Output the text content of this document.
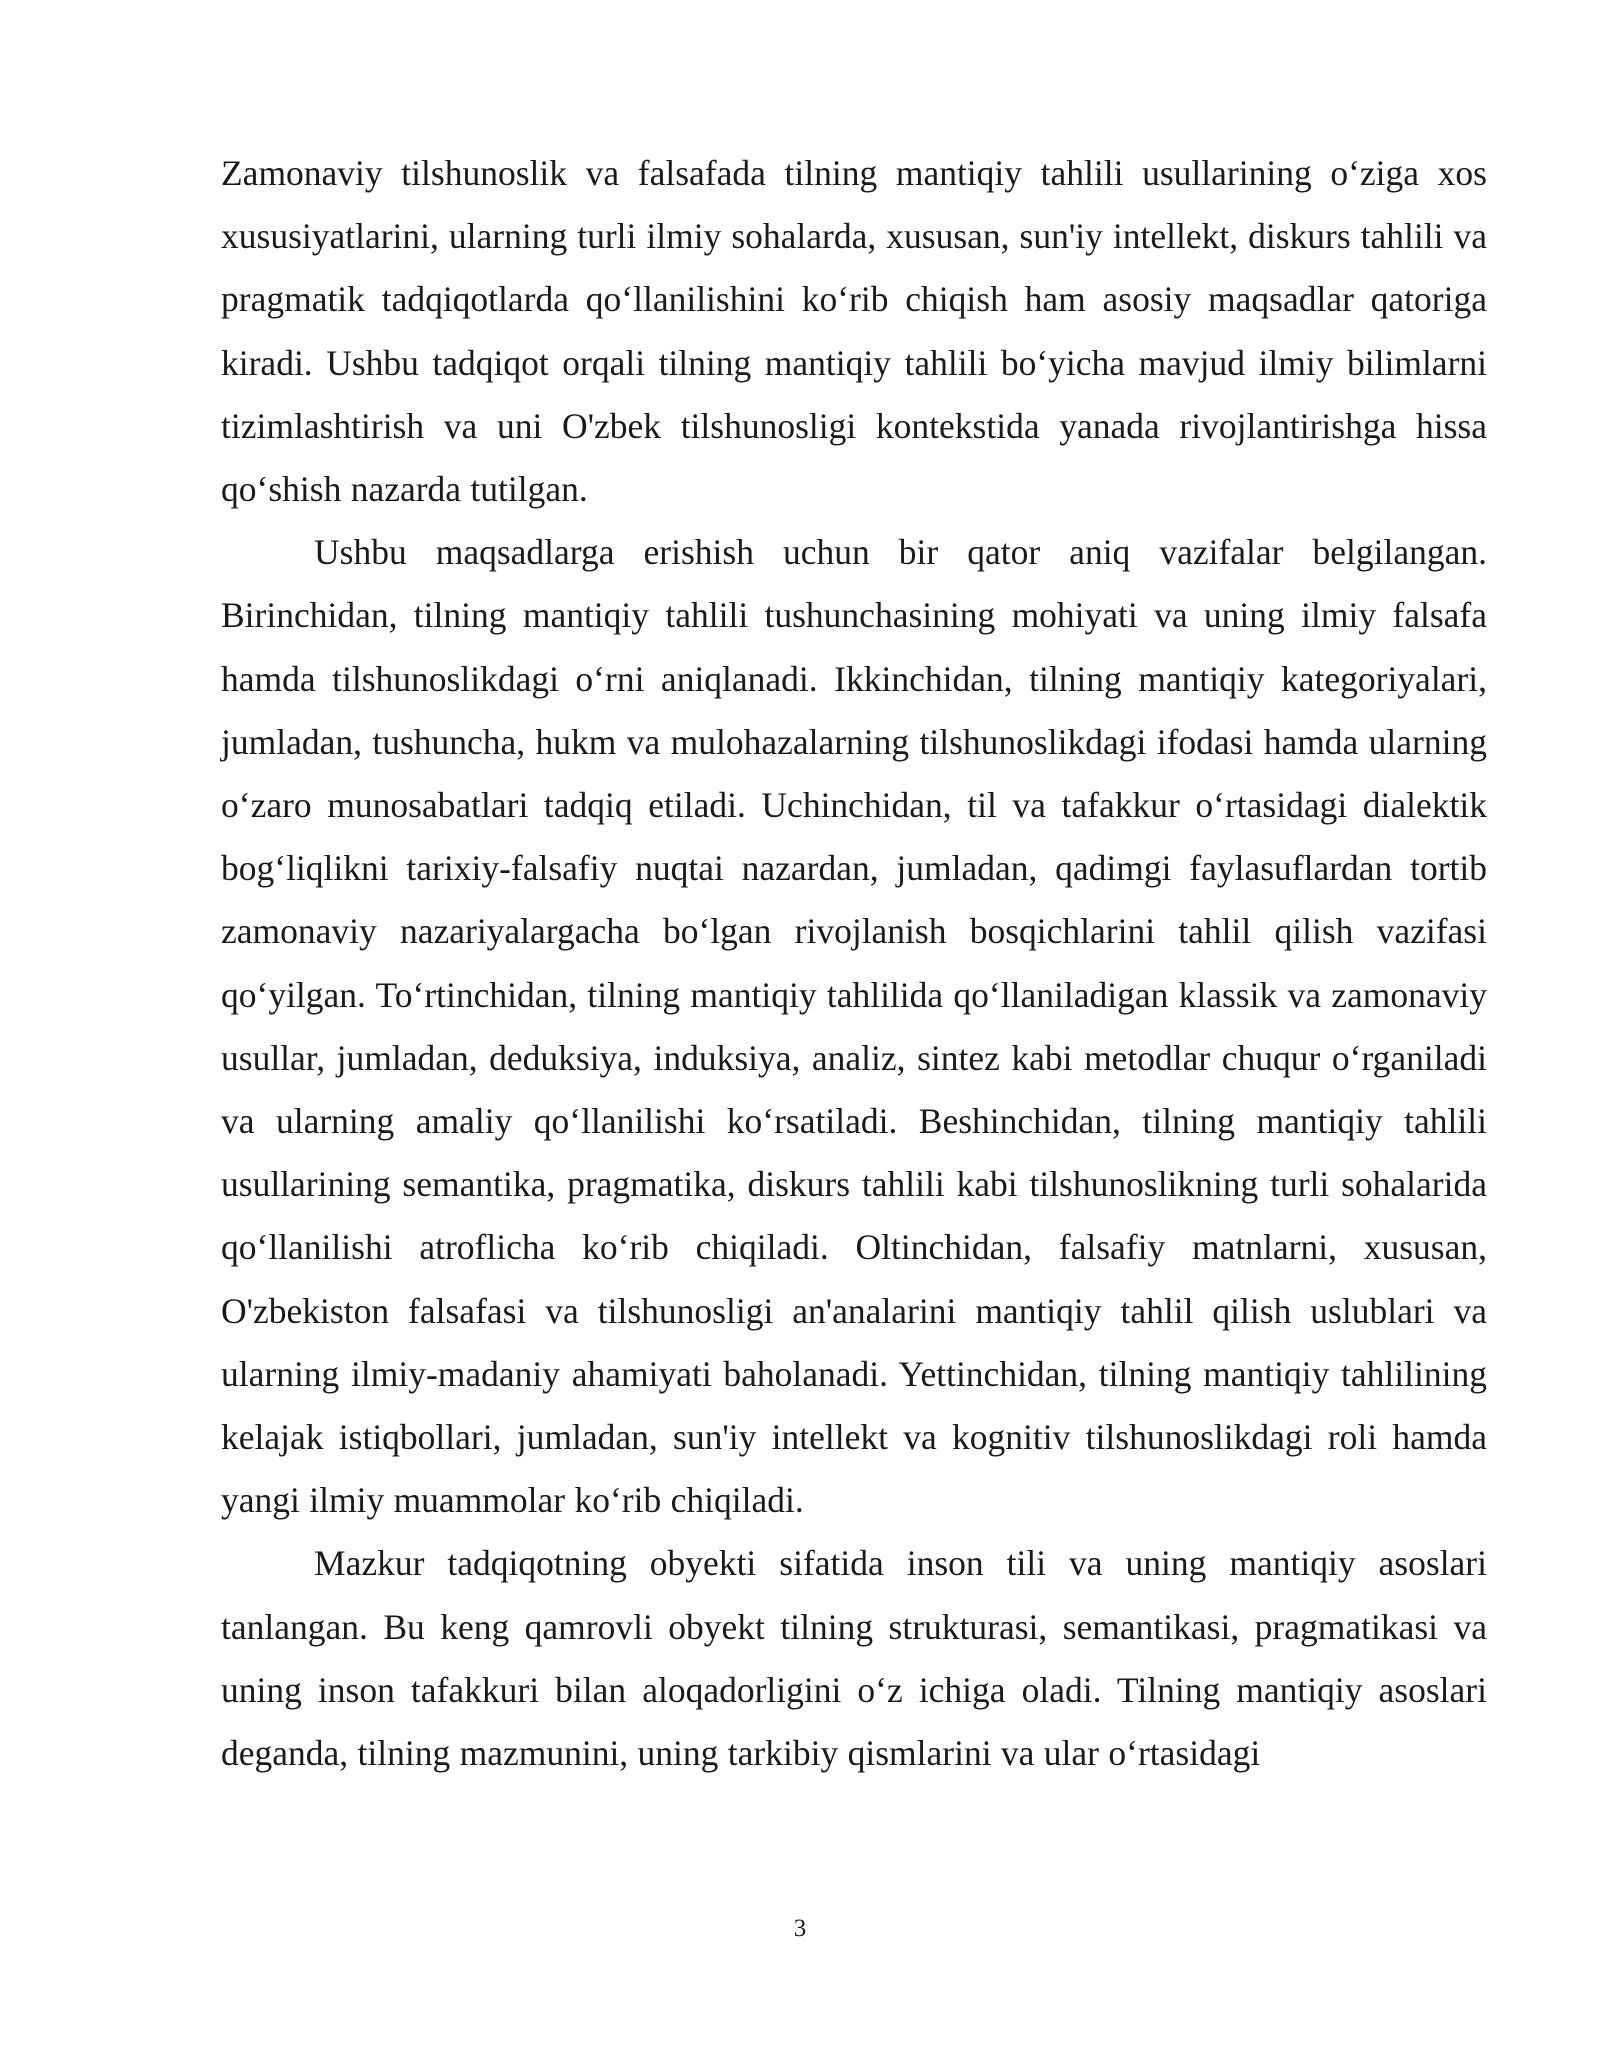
Zamonaviy tilshunoslik va falsafada tilning mantiqiy tahlili usullarining o‘ziga xos xususiyatlarini, ularning turli ilmiy sohalarda, xususan, sun'iy intellekt, diskurs tahlili va pragmatik tadqiqotlarda qo‘llanilishini ko‘rib chiqish ham asosiy maqsadlar qatoriga kiradi. Ushbu tadqiqot orqali tilning mantiqiy tahlili bo‘yicha mavjud ilmiy bilimlarni tizimlashtirish va uni O'zbek tilshunosligi kontekstida yanada rivojlantirishga hissa qo‘shish nazarda tutilgan.

Ushbu maqsadlarga erishish uchun bir qator aniq vazifalar belgilangan. Birinchidan, tilning mantiqiy tahlili tushunchasining mohiyati va uning ilmiy falsafa hamda tilshunoslikdagi o‘rni aniqlanadi. Ikkinchidan, tilning mantiqiy kategoriyalari, jumladan, tushuncha, hukm va mulohazalarning tilshunoslikdagi ifodasi hamda ularning o‘zaro munosabatlari tadqiq etiladi. Uchinchidan, til va tafakkur o‘rtasidagi dialektik bog‘liqlikni tarixiy-falsafiy nuqtai nazardan, jumladan, qadimgi faylasuflardan tortib zamonaviy nazariyalargacha bo‘lgan rivojlanish bosqichlarini tahlil qilish vazifasi qo‘yilgan. To‘rtinchidan, tilning mantiqiy tahlilida qo‘llaniladigan klassik va zamonaviy usullar, jumladan, deduksiya, induksiya, analiz, sintez kabi metodlar chuqur o‘rganiladi va ularning amaliy qo‘llanilishi ko‘rsatiladi. Beshinchidan, tilning mantiqiy tahlili usullarining semantika, pragmatika, diskurs tahlili kabi tilshunoslikning turli sohalarida qo‘llanilishi atroflicha ko‘rib chiqiladi. Oltinchidan, falsafiy matnlarni, xususan, O'zbekiston falsafasi va tilshunosligi an'analarini mantiqiy tahlil qilish uslublari va ularning ilmiy-madaniy ahamiyati baholanadi. Yettinchidan, tilning mantiqiy tahlilining kelajak istiqbollari, jumladan, sun'iy intellekt va kognitiv tilshunoslikdagi roli hamda yangi ilmiy muammolar ko‘rib chiqiladi.

Mazkur tadqiqotning obyekti sifatida inson tili va uning mantiqiy asoslari tanlangan. Bu keng qamrovli obyekt tilning strukturasi, semantikasi, pragmatikasi va uning inson tafakkuri bilan aloqadorligini o‘z ichiga oladi. Tilning mantiqiy asoslari deganda, tilning mazmunini, uning tarkibiy qismlarini va ular o‘rtasidagi

3
